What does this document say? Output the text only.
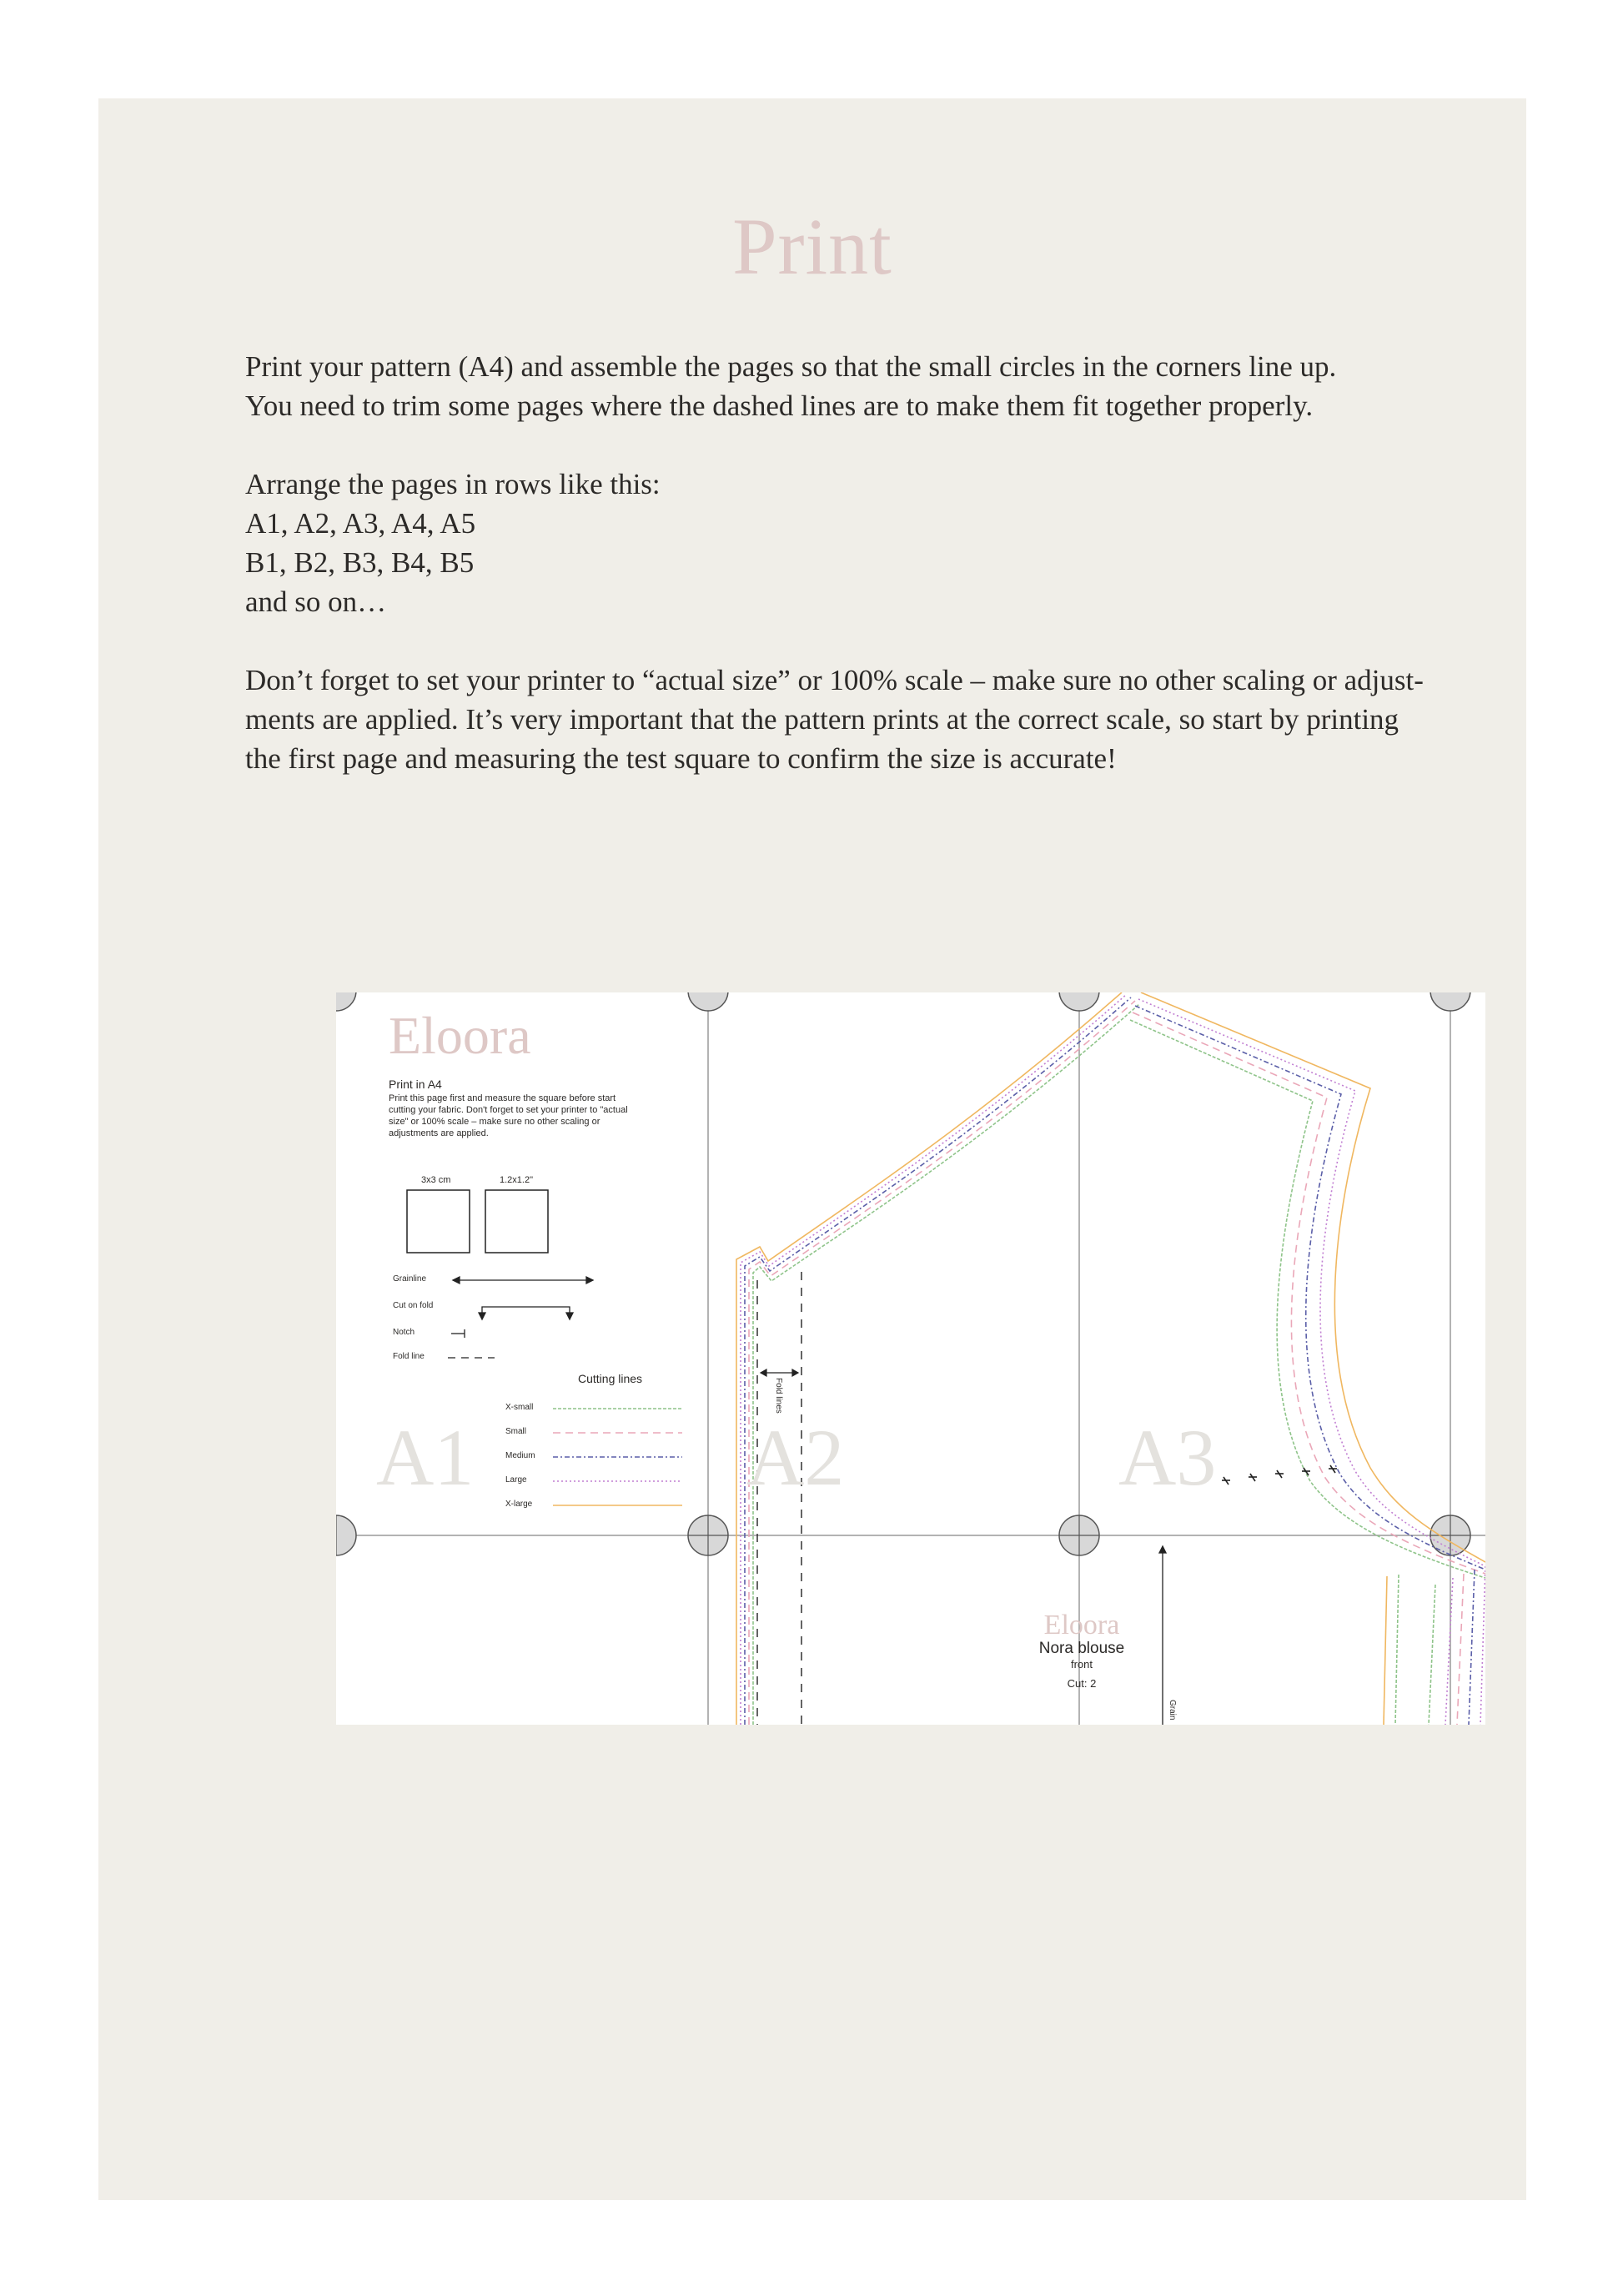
Print

Print your pattern (A4) and assemble the pages so that the small circles in the corners line up.

You need to trim some pages where the dashed lines are to make them fit together properly.

Arrange the pages in rows like this:

A1, A2, A3, A4, A5

B1, B2, B3, B4, B5

and so on…

Don’t forget to set your printer to “actual size” or 100% scale – make sure no other scaling or adjust-

ments are applied. It’s very important that the pattern prints at the correct scale, so start by printing

the first page and measuring the test square to confirm the size is accurate!

Eloora
Print in A4

Print this page first and measure the square before start cutting your fabric. Don't forget to set your printer to "actual size" or 100% scale – make sure no other scaling or adjustments are applied.

3x3 cm	1.2x1.2"
Grainline
Cut on fold
Notch
Fold line
Cutting lines
X-small
Small
Medium
Large
X-large
A1	A2	A3
Fold lines
Grain
Eloora
Nora blouse
front
Cut: 2
